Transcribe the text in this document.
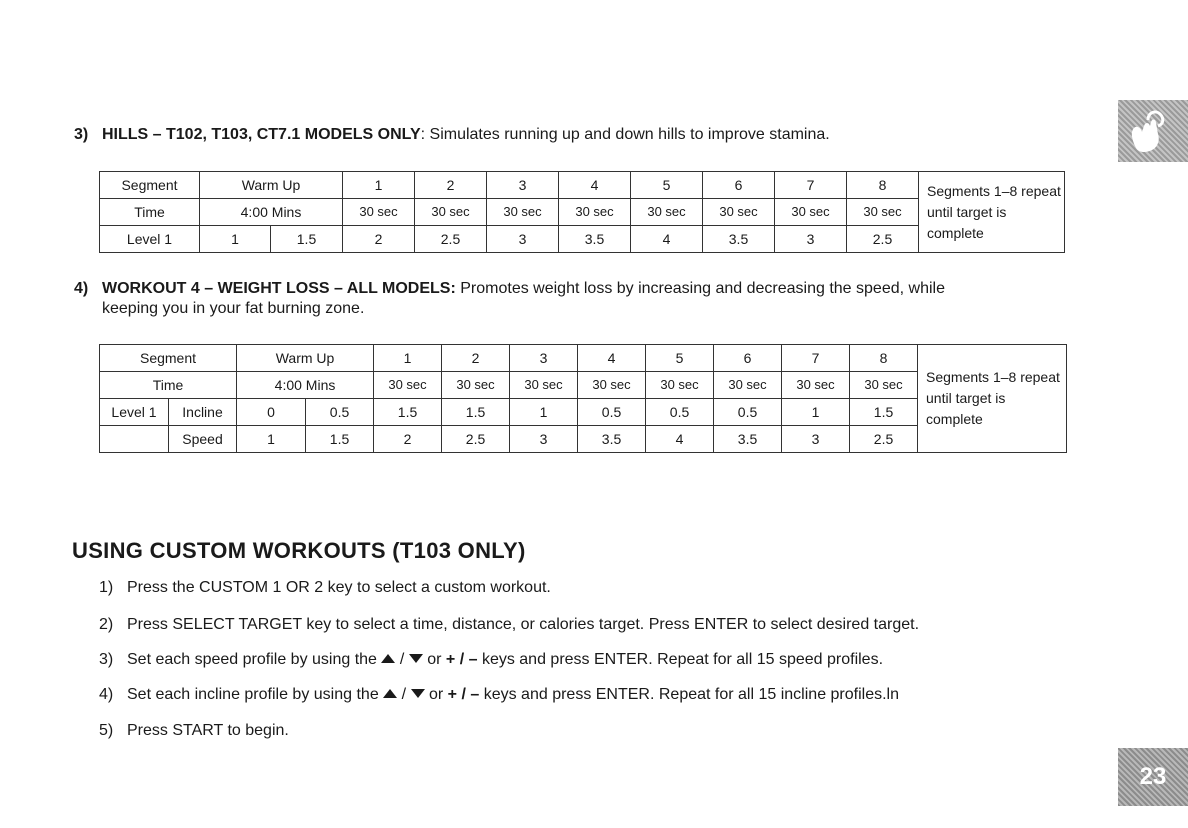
23
3) HILLS – T102, T103, CT7.1 MODELS ONLY: Simulates running up and down hills to improve stamina.
Segment	Warm Up		1	2	3	4	5	6	7	8	Segments 1–8 repeat until target is complete
Time	4:00 Mins		30 sec	30 sec	30 sec	30 sec	30 sec	30 sec	30 sec	30 sec	
Level 1	1	1.5	2	2.5	3	3.5	4	3.5	3	2.5	
4) WORKOUT 4 – WEIGHT LOSS – ALL MODELS: Promotes weight loss by increasing and decreasing the speed, while
keeping you in your fat burning zone.
Segment		Warm Up		1	2	3	4	5	6	7	8	Segments 1–8 repeat until target is complete
Time		4:00 Mins		30 sec	30 sec	30 sec	30 sec	30 sec	30 sec	30 sec	30 sec	
Level 1	Incline	0	0.5	1.5	1.5	1	0.5	0.5	0.5	1	1.5	
	Speed	1	1.5	2	2.5	3	3.5	4	3.5	3	2.5	
USING CUSTOM WORKOUTS (T103 ONLY)
1) Press the CUSTOM 1 OR 2 key to select a custom workout.
2) Press SELECT TARGET key to select a time, distance, or calories target. Press ENTER to select desired target.
3) Set each speed profile by using the / or + / – keys and press ENTER. Repeat for all 15 speed profiles.
4) Set each incline profile by using the / or + / – keys and press ENTER. Repeat for all 15 incline profiles.ln
5) Press START to begin.
